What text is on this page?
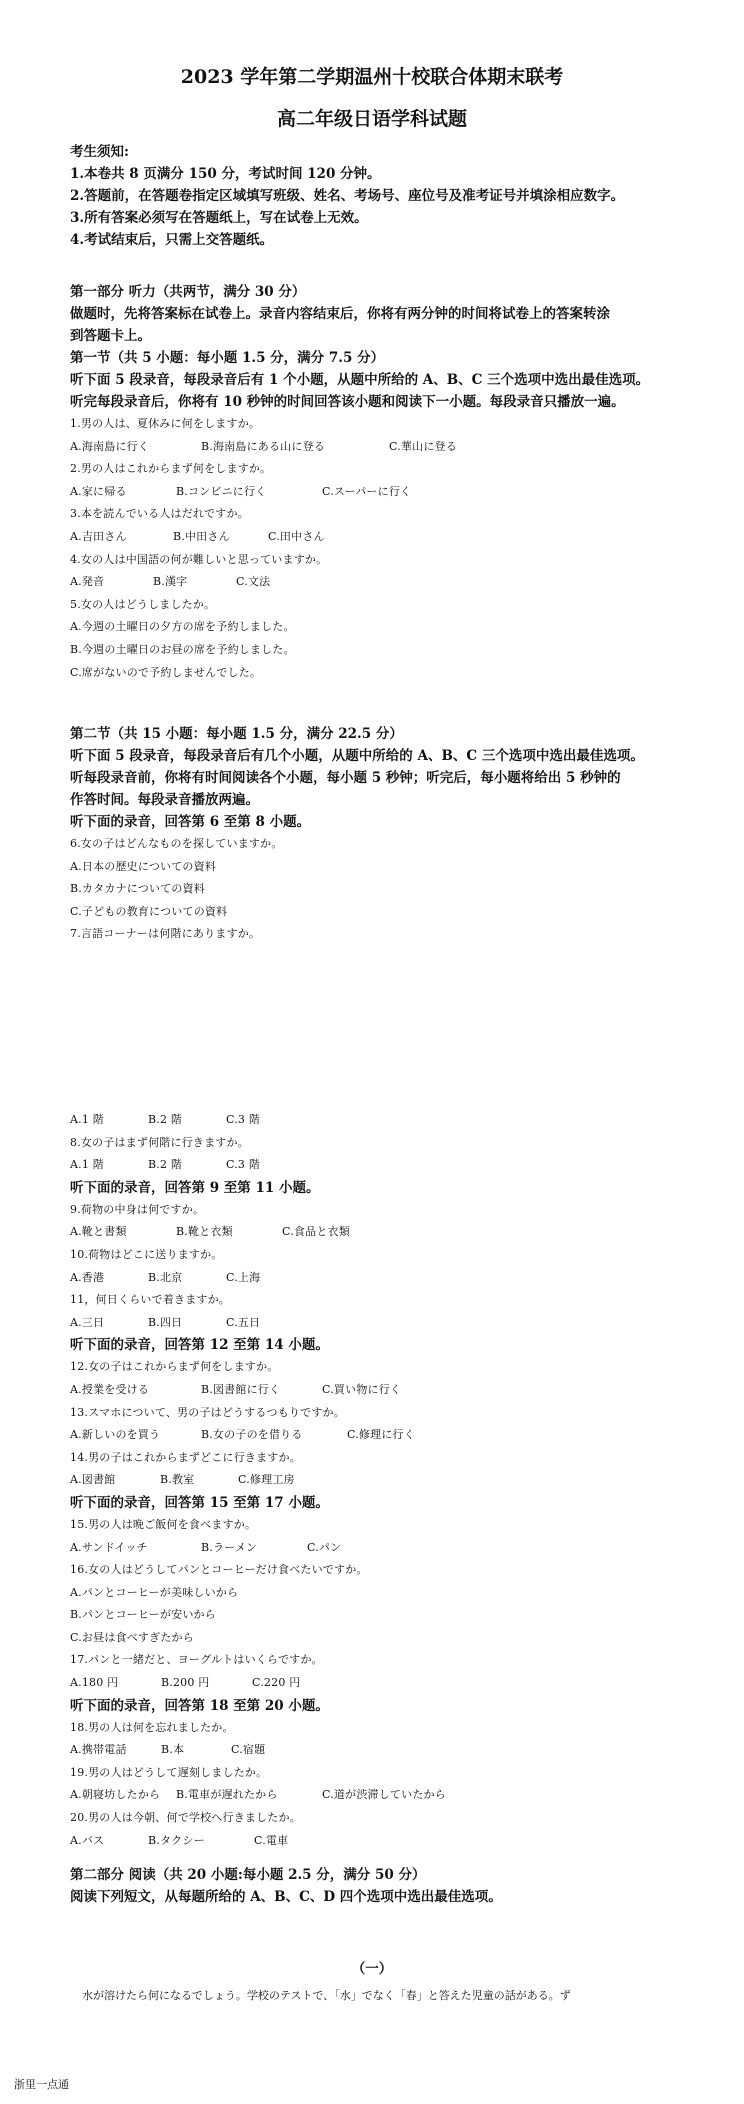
2023 学年第二学期温州十校联合体期末联考
高二年级日语学科试题
考生须知:
1.本卷共 8 页满分 150 分，考试时间 120 分钟。
2.答题前，在答题卷指定区域填写班级、姓名、考场号、座位号及准考证号并填涂相应数字。
3.所有答案必须写在答题纸上，写在试卷上无效。
4.考试结束后，只需上交答题纸。
第一部分 听力（共两节，满分 30 分）
做题时，先将答案标在试卷上。录音内容结束后，你将有两分钟的时间将试卷上的答案转涂
到答题卡上。
第一节（共 5 小题：每小题 1.5 分，满分 7.5 分）
听下面 5 段录音，每段录音后有 1 个小题，从题中所给的 A、B、C 三个选项中选出最佳选项。
听完每段录音后，你将有 10 秒钟的时间回答该小题和阅读下一小题。每段录音只播放一遍。
1.男の人は、夏休みに何をしますか。
A.海南島に行く	B.海南島にある山に登る	C.華山に登る
2.男の人はこれからまず何をしますか。
A.家に帰る	B.コンビニに行く	C.スーパーに行く
3.本を読んでいる人はだれですか。
A.吉田さん	B.中田さん	C.田中さん
4.女の人は中国語の何が難しいと思っていますか。
A.発音	B.漢字	C.文法
5.女の人はどうしましたか。
A.今週の土曜日の夕方の席を予約しました。
B.今週の土曜日のお昼の席を予約しました。
C.席がないので予約しませんでした。
第二节（共 15 小题：每小题 1.5 分，满分 22.5 分）
听下面 5 段录音，每段录音后有几个小题，从题中所给的 A、B、C 三个选项中选出最佳选项。
听每段录音前，你将有时间阅读各个小题，每小题 5 秒钟；听完后，每小题将给出 5 秒钟的
作答时间。每段录音播放两遍。
听下面的录音，回答第 6 至第 8 小题。
6.女の子はどんなものを探していますか。
A.日本の歴史についての資料
B.カタカナについての資料
C.子どもの教育についての資料
7.言語コーナーは何階にありますか。
A.1 階	B.2 階	C.3 階
8.女の子はまず何階に行きますか。
A.1 階	B.2 階	C.3 階
听下面的录音，回答第 9 至第 11 小题。
9.荷物の中身は何ですか。
A.靴と書類	B.靴と衣類	C.食品と衣類
10.荷物はどこに送りますか。
A.香港	B.北京	C.上海
11，何日くらいで着きますか。
A.三日	B.四日	C.五日
听下面的录音，回答第 12 至第 14 小题。
12.女の子はこれからまず何をしますか。
A.授業を受ける	B.図書館に行く	C.買い物に行く
13.スマホについて、男の子はどうするつもりですか。
A.新しいのを買う	B.女の子のを借りる	C.修理に行く
14.男の子はこれからまずどこに行きますか。
A.図書館	B.教室	C.修理工房
听下面的录音，回答第 15 至第 17 小题。
15.男の人は晩ご飯何を食べますか。
A.サンドイッチ	B.ラーメン	C.パン
16.女の人はどうしてパンとコーヒーだけ食べたいですか。
A.パンとコーヒーが美味しいから
B.パンとコーヒーが安いから
C.お昼は食べすぎたから
17.パンと一緒だと、ヨーグルトはいくらですか。
A.180 円	B.200 円	C.220 円
听下面的录音，回答第 18 至第 20 小题。
18.男の人は何を忘れましたか。
A.携帯電話	B.本	C.宿題
19.男の人はどうして遅刻しましたか。
A.朝寝坊したから B.電車が遅れたから	C.道が渋滞していたから
20.男の人は今朝、何で学校へ行きましたか。
A.バス	B.タクシー	C.電車
第二部分 阅读（共 20 小题:每小题 2.5 分，满分 50 分）
阅读下列短文，从每题所给的 A、B、C、D 四个选项中选出最佳选项。
（一）
水が溶けたら何になるでしょう。学校のテストで、「水」でなく「春」と答えた児童の話がある。ず
浙里一点通
